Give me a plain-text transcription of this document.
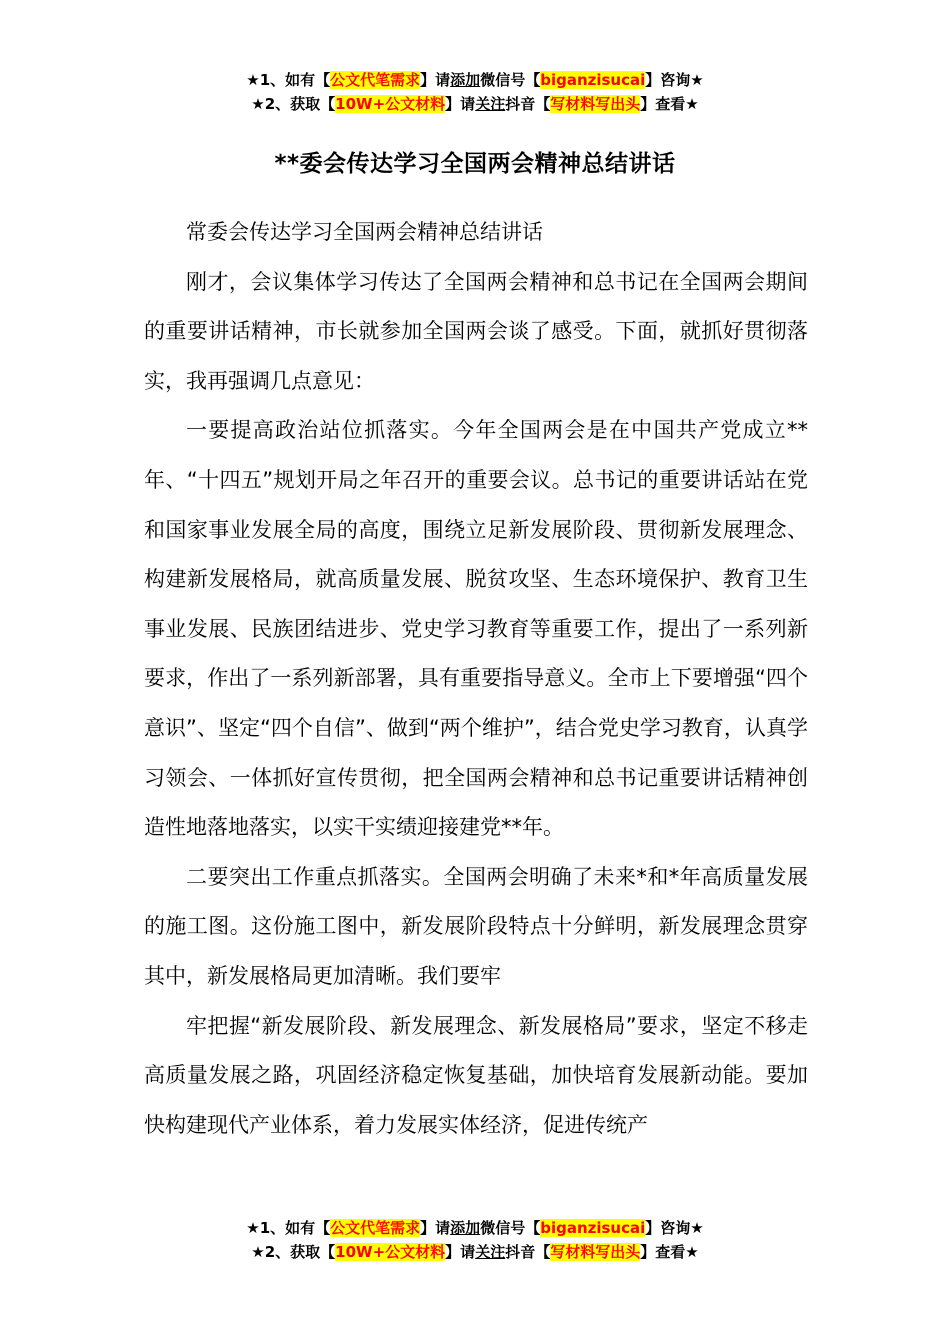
★1、如有【公文代笔需求】请添加微信号【biganzisucai】咨询★
★2、获取【10W+公文材料】请关注抖音【写材料写出头】查看★
**委会传达学习全国两会精神总结讲话

常委会传达学习全国两会精神总结讲话

刚才，会议集体学习传达了全国两会精神和总书记在全国两会期间的重要讲话精神，市长就参加全国两会谈了感受。下面，就抓好贯彻落实，我再强调几点意见：

一要提高政治站位抓落实。今年全国两会是在中国共产党成立**年、“十四五”规划开局之年召开的重要会议。总书记的重要讲话站在党和国家事业发展全局的高度，围绕立足新发展阶段、贯彻新发展理念、构建新发展格局，就高质量发展、脱贫攻坚、生态环境保护、教育卫生事业发展、民族团结进步、党史学习教育等重要工作，提出了一系列新要求，作出了一系列新部署，具有重要指导意义。全市上下要增强“四个意识”、坚定“四个自信”、做到“两个维护”，结合党史学习教育，认真学习领会、一体抓好宣传贯彻，把全国两会精神和总书记重要讲话精神创造性地落地落实，以实干实绩迎接建党**年。

二要突出工作重点抓落实。全国两会明确了未来*和*年高质量发展的施工图。这份施工图中，新发展阶段特点十分鲜明，新发展理念贯穿其中，新发展格局更加清晰。我们要牢

牢把握“新发展阶段、新发展理念、新发展格局”要求，坚定不移走高质量发展之路，巩固经济稳定恢复基础，加快培育发展新动能。要加快构建现代产业体系，着力发展实体经济，促进传统产

★1、如有【公文代笔需求】请添加微信号【biganzisucai】咨询★
★2、获取【10W+公文材料】请关注抖音【写材料写出头】查看★
